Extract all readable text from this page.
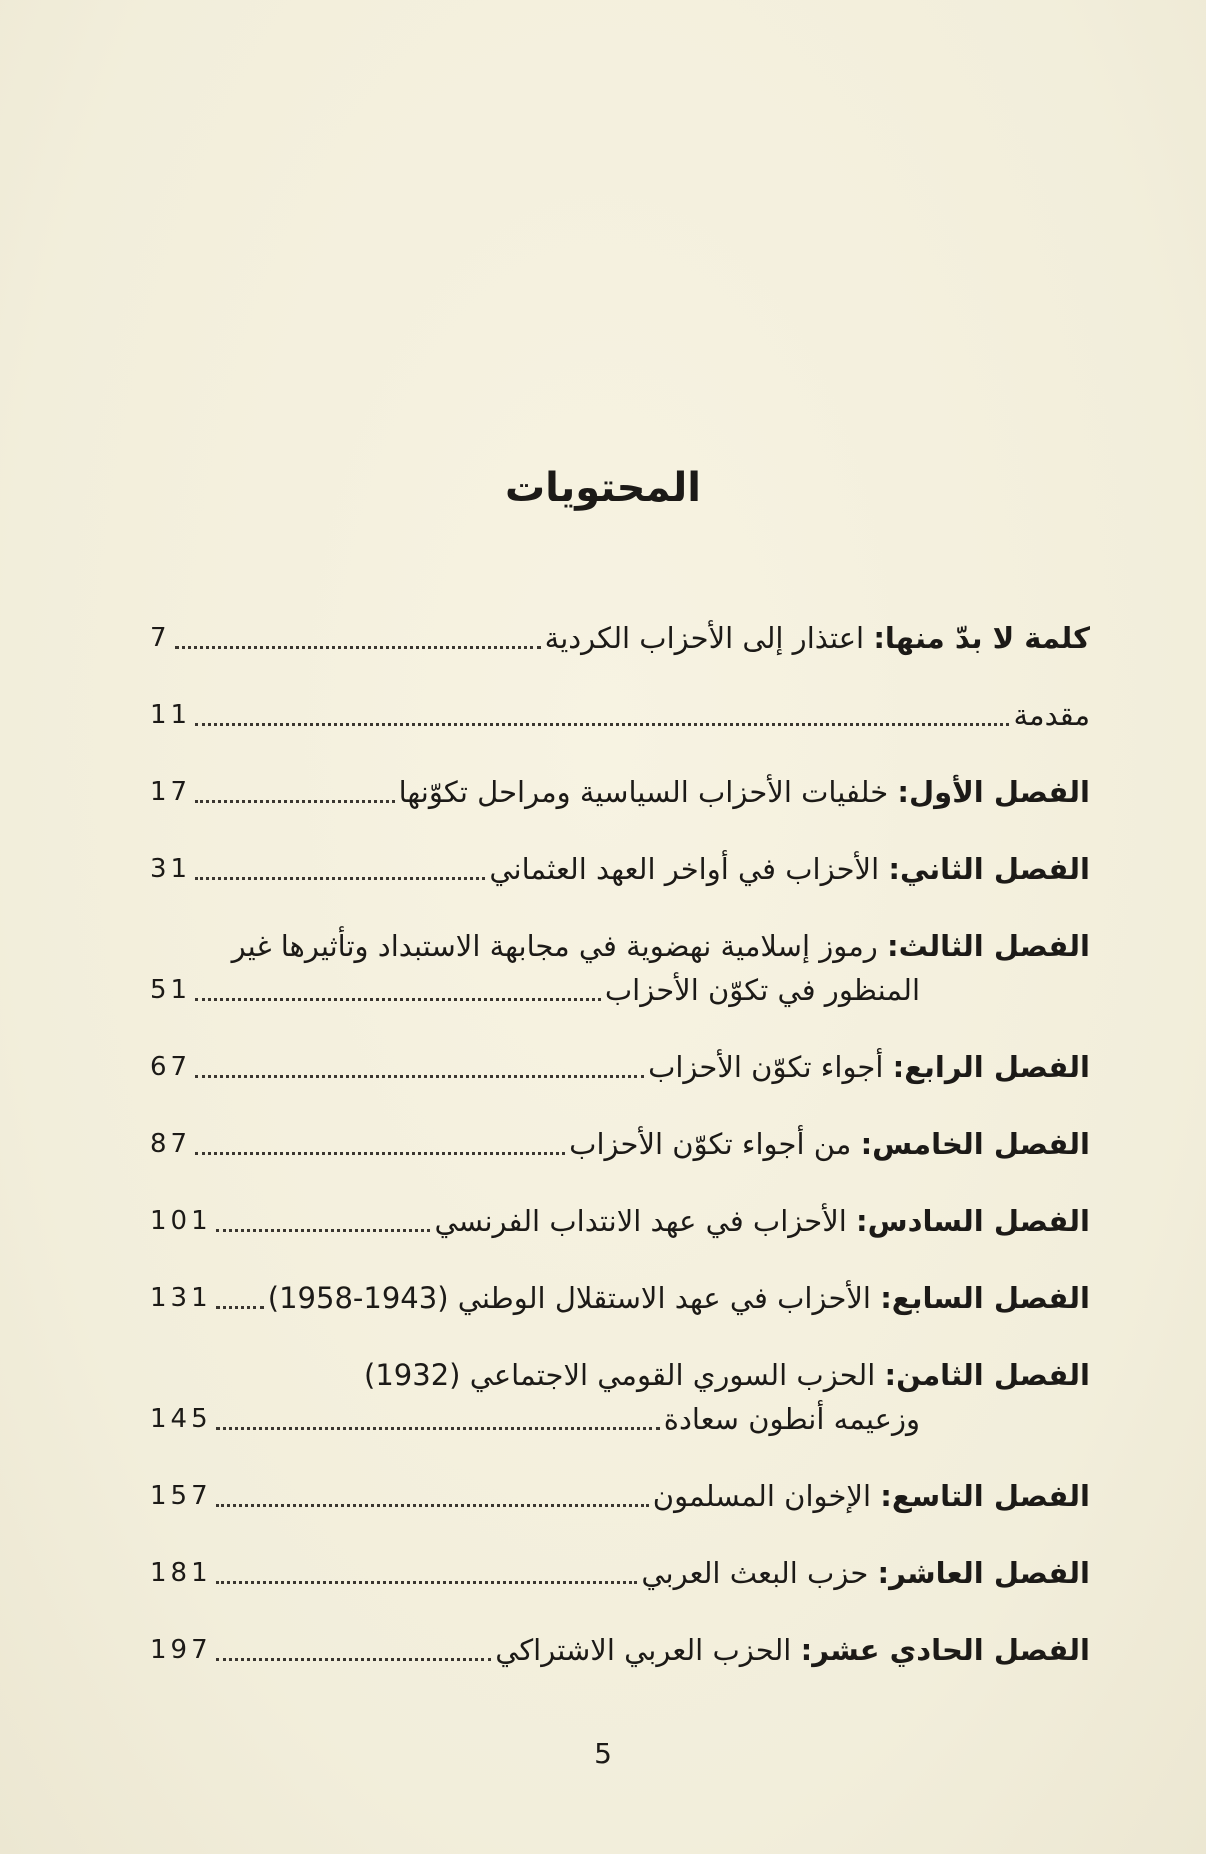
المحتويات
كلمة لا بدّ منها: اعتذار إلى الأحزاب الكردية
7
مقدمة
11
الفصل الأول: خلفيات الأحزاب السياسية ومراحل تكوّنها
17
الفصل الثاني: الأحزاب في أواخر العهد العثماني
31
الفصل الثالث: رموز إسلامية نهضوية في مجابهة الاستبداد وتأثيرها غير
المنظور في تكوّن الأحزاب
51
الفصل الرابع: أجواء تكوّن الأحزاب
67
الفصل الخامس: من أجواء تكوّن الأحزاب
87
الفصل السادس: الأحزاب في عهد الانتداب الفرنسي
101
الفصل السابع: الأحزاب في عهد الاستقلال الوطني (1943-1958)
131
الفصل الثامن: الحزب السوري القومي الاجتماعي (1932)
وزعيمه أنطون سعادة
145
الفصل التاسع: الإخوان المسلمون
157
الفصل العاشر: حزب البعث العربي
181
الفصل الحادي عشر: الحزب العربي الاشتراكي
197
5
